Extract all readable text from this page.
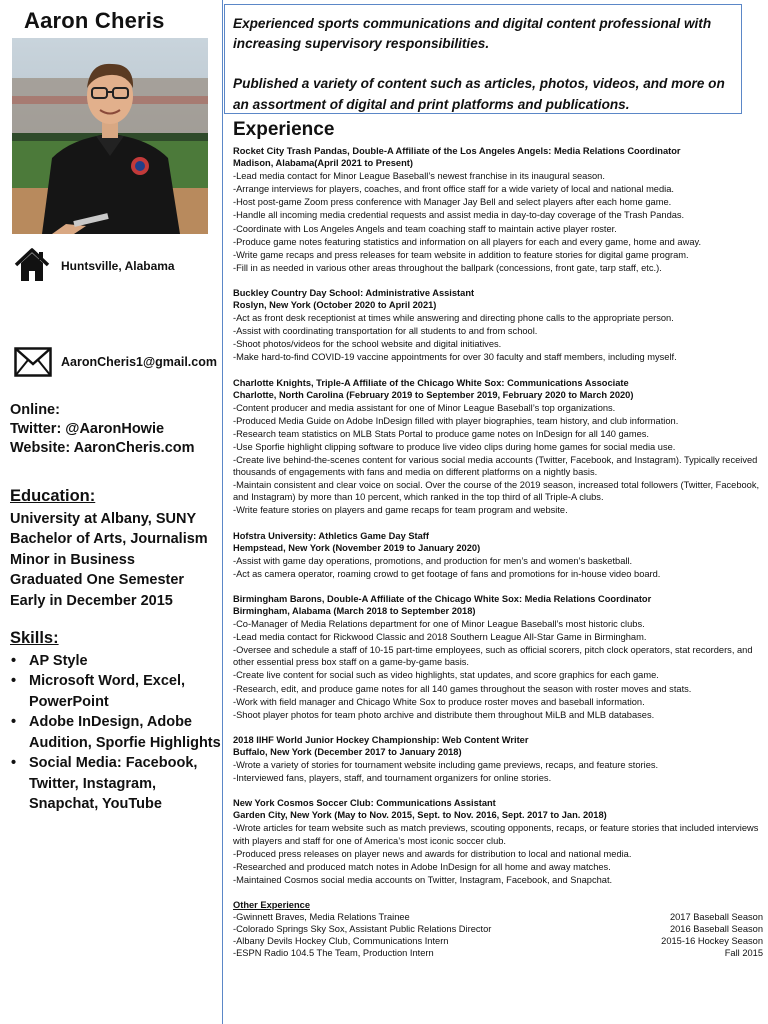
Aaron Cheris
Huntsville, Alabama
AaronCheris1@gmail.com
Online:
Twitter: @AaronHowie
Website: AaronCheris.com
Education:
University at Albany, SUNY
Bachelor of Arts, Journalism
Minor in Business
Graduated One Semester Early in December 2015
Skills:
• AP Style
• Microsoft Word, Excel, PowerPoint
• Adobe InDesign, Adobe Audition, Sporfie Highlights
• Social Media: Facebook, Twitter, Instagram, Snapchat, YouTube

Experienced sports communications and digital content professional with increasing supervisory responsibilities.

Published a variety of content such as articles, photos, videos, and more on an assortment of digital and print platforms and publications.

Experience
Rocket City Trash Pandas, Double-A Affiliate of the Los Angeles Angels: Media Relations Coordinator
Madison, Alabama(April 2021 to Present)
-Lead media contact for Minor League Baseball’s newest franchise in its inaugural season.
-Arrange interviews for players, coaches, and front office staff for a wide variety of local and national media.
-Host post-game Zoom press conference with Manager Jay Bell and select players after each home game.
-Handle all incoming media credential requests and assist media in day-to-day coverage of the Trash Pandas.
-Coordinate with Los Angeles Angels and team coaching staff to maintain active player roster.
-Produce game notes featuring statistics and information on all players for each and every game, home and away.
-Write game recaps and press releases for team website in addition to feature stories for digital game program.
-Fill in as needed in various other areas throughout the ballpark (concessions, front gate, tarp staff, etc.).
Buckley Country Day School: Administrative Assistant
Roslyn, New York (October 2020 to April 2021)
-Act as front desk receptionist at times while answering and directing phone calls to the appropriate person.
-Assist with coordinating transportation for all students to and from school.
-Shoot photos/videos for the school website and digital initiatives.
-Make hard-to-find COVID-19 vaccine appointments for over 30 faculty and staff members, including myself.
Charlotte Knights, Triple-A Affiliate of the Chicago White Sox: Communications Associate
Charlotte, North Carolina (February 2019 to September 2019, February 2020 to March 2020)
-Content producer and media assistant for one of Minor League Baseball’s top organizations.
-Produced Media Guide on Adobe InDesign filled with player biographies, team history, and club information.
-Research team statistics on MLB Stats Portal to produce game notes on InDesign for all 140 games.
-Use Sporfie highlight clipping software to produce live video clips during home games for social media use.
-Create live behind-the-scenes content for various social media accounts (Twitter, Facebook, and Instagram). Typically received thousands of engagements with fans and media on different platforms on a nightly basis.
-Maintain consistent and clear voice on social. Over the course of the 2019 season, increased total followers (Twitter, Facebook, and Instagram) by more than 10 percent, which ranked in the top third of all Triple-A clubs.
-Write feature stories on players and game recaps for team program and website.
Hofstra University: Athletics Game Day Staff
Hempstead, New York (November 2019 to January 2020)
-Assist with game day operations, promotions, and production for men’s and women’s basketball.
-Act as camera operator, roaming crowd to get footage of fans and promotions for in-house video board.
Birmingham Barons, Double-A Affiliate of the Chicago White Sox: Media Relations Coordinator
Birmingham, Alabama (March 2018 to September 2018)
-Co-Manager of Media Relations department for one of Minor League Baseball’s most historic clubs.
-Lead media contact for Rickwood Classic and 2018 Southern League All-Star Game in Birmingham.
-Oversee and schedule a staff of 10-15 part-time employees, such as official scorers, pitch clock operators, stat recorders, and other essential press box staff on a game-by-game basis.
-Create live content for social such as video highlights, stat updates, and score graphics for each game.
-Research, edit, and produce game notes for all 140 games throughout the season with roster moves and stats.
-Work with field manager and Chicago White Sox to produce roster moves and baseball information.
-Shoot player photos for team photo archive and distribute them throughout MiLB and MLB databases.
2018 IIHF World Junior Hockey Championship: Web Content Writer
Buffalo, New York (December 2017 to January 2018)
-Wrote a variety of stories for tournament website including game previews, recaps, and feature stories.
-Interviewed fans, players, staff, and tournament organizers for online stories.
New York Cosmos Soccer Club: Communications Assistant
Garden City, New York (May to Nov. 2015, Sept. to Nov. 2016, Sept. 2017 to Jan. 2018)
-Wrote articles for team website such as match previews, scouting opponents, recaps, or feature stories that included interviews with players and staff for one of America’s most iconic soccer club.
-Produced press releases on player news and awards for distribution to local and national media.
-Researched and produced match notes in Adobe InDesign for all home and away matches.
-Maintained Cosmos social media accounts on Twitter, Instagram, Facebook, and Snapchat.
Other Experience
-Gwinnett Braves, Media Relations Trainee	2017 Baseball Season
-Colorado Springs Sky Sox, Assistant Public Relations Director	2016 Baseball Season
-Albany Devils Hockey Club, Communications Intern	2015-16 Hockey Season
-ESPN Radio 104.5 The Team, Production Intern	Fall 2015
